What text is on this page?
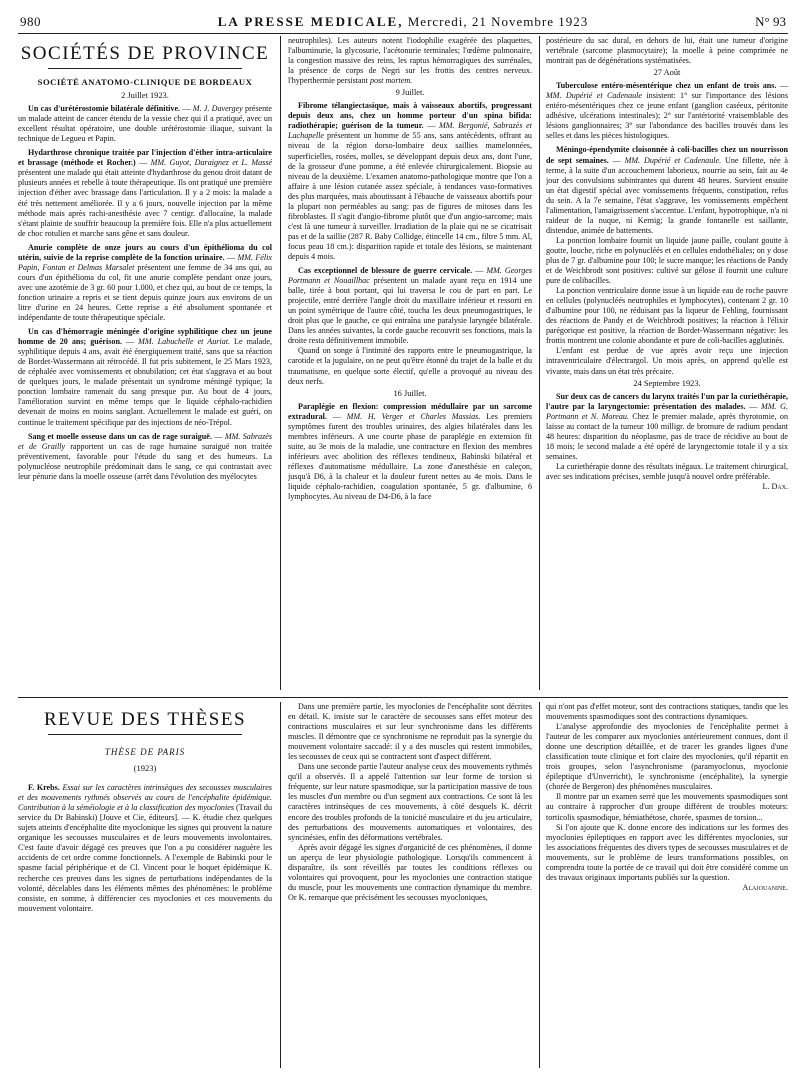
980	LA PRESSE MEDICALE, Mercredi, 21 Novembre 1923	N° 93
SOCIÉTÉS DE PROVINCE
SOCIÉTÉ ANATOMO-CLINIQUE DE BORDEAUX
2 Juillet 1923.

Un cas d'urétérostomie bilatérale définitive. — M. J. Davergey présente un malade atteint de cancer étendu de la vessie chez qui il a pratiqué, avec un excellent résultat opératoire, une double urétérostomie iliaque, suivant la technique de Legueu et Papin.

Hydarthrose chronique traitée par l'injection d'éther intra-articulaire et brassage (méthode et Rocher.) — MM. Guyot, Daraignez et L. Massé présentent une malade qui était atteinte d'hydarthrose du genou droit datant de plusieurs années et rebelle à toute thérapeutique. Ils ont pratiqué une première injection d'éther avec brassage dans l'articulation. Il y a 2 mois: la malade a été très nettement améliorée. Il y a 6 jours, nouvelle injection par la même méthode mais après rachi-anesthésie avec 7 centigr. d'allocaïne, la malade s'étant plainte de souffrir beaucoup la première fois. Elle n'a plus actuellement de choc rotulien et marche sans gêne et sans douleur.

Anurie complète de onze jours au cours d'un épithélioma du col utérin, suivie de la reprise complète de la fonction urinaire. — MM. Félix Papin, Fontan et Delmas Marsalet présentent une femme de 34 ans qui, au cours d'un épithélioma du col, fit une anurie complète pendant onze jours, avec une azotémie de 3 gr. 60 pour 1.000, et chez qui, au bout de ce temps, la fonction urinaire a repris et se tient depuis quinze jours aux environs de un litre d'urine en 24 heures. Cette reprise a été absolument spontanée et indépendante de toute thérapeutique spéciale.

Un cas d'hémorragie méningée d'origine syphilitique chez un jeune homme de 20 ans; guérison. — MM. Labuchelle et Auriat. Le malade, syphilitique depuis 4 ans, avait été énergiquement traité, sans que sa réaction de Bordet-Wassermann ait rétrocédé. Il fut pris subitement, le 25 Mars 1923, de céphalée avec vomissements et obnubilation; cet état s'aggrava et au bout de quelques jours, le malade présentait un syndrome méningé typique; la ponction lombaire ramenait du sang presque pur. Au bout de 4 jours, l'amélioration survint en même temps que le liquide céphalo-rachidien devenait de moins en moins sanglant. Actuellement le malade est guéri, on continue le traitement spécifique par des injections de néo-Trépol.

Sang et moelle osseuse dans un cas de rage suraiguë. — MM. Sabrazès et de Grailly rapportent un cas de rage humaine suraiguë non traitée préventivement, favorable pour l'étude du sang et des humeurs. La polynucléose neutrophile prédominait dans le sang, ce qui contrastait avec leur pénurie dans la moelle osseuse (arrêt dans l'évolution des myélocytes

neutrophiles). Les auteurs notent l'iodophilie exagérée des plaquettes, l'albuminurie, la glycosurie, l'acétonurie terminales; l'œdème pulmonaire, la congestion massive des reins, les raptus hémorragiques des surrénales, la présence de corps de Negri sur les frottis des centres nerveux. l'hyperthermie persistant post mortem.

9 Juillet.

Fibrome télangiectasique, mais à vaisseaux abortifs, progressant depuis deux ans, chez un homme porteur d'un spina bifida: radiothérapie; guérison de la tumeur. — MM. Bergonié, Sabrazès et Lachapelle présentent un homme de 55 ans, sans antécédents, offrant au niveau de la région dorso-lombaire deux saillies mamelonnées, superficielles, rosées, molles, se développant depuis deux ans, dont l'une, de la grosseur d'une pomme, a été enlevée chirurgicalement. Biopsie au niveau de la deuxième. L'examen anatomo-pathologique montre que l'on a affaire à une lésion cutanée assez spéciale, à tendances vaso-formatives des plus marquées, mais aboutissant à l'ébauche de vaisseaux abortifs pour la plupart non perméables au sang: pas de figures de mitoses dans les fibroblastes. Il s'agit d'angio-fibrome plutôt que d'un angio-sarcome; mais c'est là une tumeur à surveiller. Irradiation de la plaie qui ne se cicatrisait pas et de la saillie (287 R. Baby Collidge, étincelle 14 cm., filtre 5 mm. Al, focus peau 18 cm.): disparition rapide et totale des lésions, se maintenant depuis 4 mois.

Cas exceptionnel de blessure de guerre cervicale. — MM. Georges Portmann et Nouaillhac présentent un malade ayant reçu en 1914 une balle, tirée à bout portant, qui lui traversa le cou de part en part. Le projectile, entré derrière l'angle droit du maxillaire inférieur et ressorti en un point symétrique de l'autre côté, toucha les deux pneumogastriques, le droit plus que le gauche, ce qui entraîna une paralysie laryngée bilatérale. Dans les années suivantes, la corde gauche recouvrit ses fonctions, mais la droite resta définitivement immobile.

Quand on songe à l'intimité des rapports entre le pneumogastrique, la carotide et la jugulaire, on ne peut qu'être étonné du trajet de la balle et du traumatisme, en quelque sorte électif, qu'elle a provoqué au niveau des deux nerfs.

16 Juillet.

Paraplégie en flexion: compression médullaire par un sarcome extradural. — MM. H. Verger et Charles Massias. Les premiers symptômes furent des troubles urinaires, des algies bilatérales dans les membres inférieurs. A une courte phase de paraplégie en extension fit suite, au 3e mois de la maladie, une contracture en flexion des membres inférieurs avec abolition des réflexes tendineux, Babinski bilatéral et réflexes d'automatisme médullaire. La zone d'anesthésie en caleçon, jusqu'à D6, à la chaleur et la douleur furent nettes au 4e mois. Dans le liquide céphalo-rachidien, coagulation spontanée, 5 gr. d'albumine, 6 lymphocytes. Au niveau de D4-D6, à la face

postérieure du sac dural, en dehors de lui, était une tumeur d'origine vertébrale (sarcome plasmocytaire); la moelle à peine comprimée ne montrait pas de dégénérations systématisées.

27 Août

Tuberculose entéro-mésentérique chez un enfant de trois ans. — MM. Dupérié et Cadenaule insistent: 1° sur l'importance des lésions entéro-mésentériques chez ce jeune enfant (ganglion caséeux, péritonite adhésive, ulcérations intestinales); 2° sur l'antériorité vraisemblable des lésions ganglionnaires; 3° sur l'abondance des bacilles trouvés dans les selles et dans les pièces histologiques.

Méningo-épendymite cloisonnée à coli-bacilles chez un nourrisson de sept semaines. — MM. Dupérié et Cadenaule. Une fillette, née à terme, à la suite d'un accouchement laborieux, nourrie au sein, fait au 4e jour des convulsions subintrantes qui durent 48 heures. Survient ensuite un état digestif spécial avec vomissements fréquents, constipation, refus du sein. A la 7e semaine, l'état s'aggrave, les vomissements empêchent l'alimentation, l'amaigrissement s'accentue. L'enfant, hypotrophique, n'a ni raideur de la nuque, ni Kernig; la grande fontanelle est saillante, distendue, animée de battements.

La ponction lombaire fournit un liquide jaune paille, coulant goutte à goutte, louche, riche en polynucléés et en cellules endothéliales; on y dose plus de 7 gr. d'albumine pour 100; le sucre manque; les réactions de Pandy et de Weichbrodt sont positives: cultivé sur gélose il fournit une culture pure de colibacilles.

La ponction ventriculaire donne issue à un liquide eau de roche pauvre en cellules (polynucléés neutrophiles et lymphocytes), contenant 2 gr. 10 d'albumine pour 100, ne réduisant pas la liqueur de Fehling, fournissant des réactions de Pandy et de Weichbrodt positives; la réaction à l'élixir parégorique est positive, la réaction de Bordet-Wassermann négative: les frottis montrent une colonie abondante et pure de coli-bacilles agglutinés.

L'enfant est perdue de vue après avoir reçu une injection intraventriculaire d'électrargol. Un mois après, on apprend qu'elle est vivante, mais dans un état très précaire.

24 Septembre 1923.

Sur deux cas de cancers du larynx traités l'un par la curiethérapie, l'autre par la laryngectomie: présentation des malades. — MM. G. Portmann et N. Moreau. Chez le premier malade, après thyrotomie, on laisse au contact de la tumeur 100 milligr. de bromure de radium pendant 48 heures: disparition du néoplasme, pas de trace de récidive au bout de 18 mois; le second malade a été opéré de laryngectomie totale il y a six semaines.

La curiethérapie donne des résultats inégaux. Le traitement chirurgical, avec ses indications précises, semble jusqu'à nouvel ordre préférable.

L. Dax.

REVUE DES THÈSES
THÈSE DE PARIS
(1923)

F. Krebs. Essai sur les caractères intrinsèques des secousses musculaires et des mouvements rythmés observés au cours de l'encéphalite épidémique. Contribution à la séméiologie et à la classification des myoclonies (Travail du service du Dr Babinski) [Jouve et Cie, éditeurs]. — K. étudie chez quelques sujets atteints d'encéphalite dite myoclonique les signes qui prouvent la nature organique les secousses musculaires et de leurs mouvements involontaires. C'est faute d'avoir dégagé ces preuves que l'on a pu considérer naguère les accidents de cet ordre comme fonctionnels. A l'exemple de Babinski pour le spasme facial périphérique et de Cl. Vincent pour le hoquet épidémique K. recherche ces preuves dans les signes de perturbations indépendantes de la volonté, décelables dans les éléments mêmes des phénomènes: le problème consiste, en somme, à différencier ces myoclonies et ces mouvements du mouvement volontaire.

Dans une première partie, les myoclonies de l'encéphalite sont décrites en détail. K. insiste sur le caractère de secousses sans effet moteur des contractions musculaires et sur leur synchronisme dans les différents muscles. Il démontre que ce synchronisme ne reproduit pas la synergie du mouvement volontaire saccadé: il y a des muscles qui restent immobiles, les secousses de ceux qui se contractent sont d'aspect différent.

Dans une seconde partie l'auteur analyse ceux des mouvements rythmés qu'il a observés. Il a appelé l'attention sur leur forme de torsion si fréquente, sur leur nature spasmodique, sur la participation massive de tous les muscles d'un membre ou d'un segment aux contractions. Ce sont là les caractères intrinsèques de ces mouvements, à côté desquels K. décrit encore des troubles profonds de la tonicité musculaire et du jeu articulaire, des perturbations des mouvements automatiques et volontaires, des syncinésies, enfin des déformations vertébrales.

Après avoir dégagé les signes d'organicité de ces phénomènes, il donne un aperçu de leur physiologie pathologique. Lorsqu'ils commencent à disparaître, ils sont réveillés par toutes les conditions réflexes ou volontaires qui provoquent, pour les myoclonies une contraction statique du muscle, pour les mouvements une contraction dynamique du membre. Or K. remarque que précisément les secousses myocloniques,

qui n'ont pas d'effet moteur, sont des contractions statiques, tandis que les mouvements spasmodiques sont des contractions dynamiques.

L'analyse approfondie des myoclonies de l'encéphalite permet à l'auteur de les comparer aux myoclonies antérieurement connues, dont il donne une description détaillée, et de tracer les grandes lignes d'une classification toute clinique et fort claire des myoclonies, qu'il répartit en trois groupes, selon l'asynchronisme (paramyoclonus, myoclonie épileptique d'Unverricht), le synchronisme (encéphalite), la synergie (chorée de Bergeron) des phénomènes musculaires.

Il montre par un examen serré que les mouvements spasmodiques sont au contraire à rapprocher d'un groupe différent de troubles moteurs: torticolis spasmodique, hémiathétose, chorée, spasmes de torsion...

Si l'on ajoute que K. donne encore des indications sur les formes des myoclonies épileptiques en rapport avec les différentes myoclonies, sur les associations fréquentes des divers types de secousses musculaires et de mouvements, sur le problème de leurs transformations possibles, on comprendra toute la portée de ce travail qui doit être considéré comme un des travaux originaux importants publiés sur la question.

Alajouanine.
